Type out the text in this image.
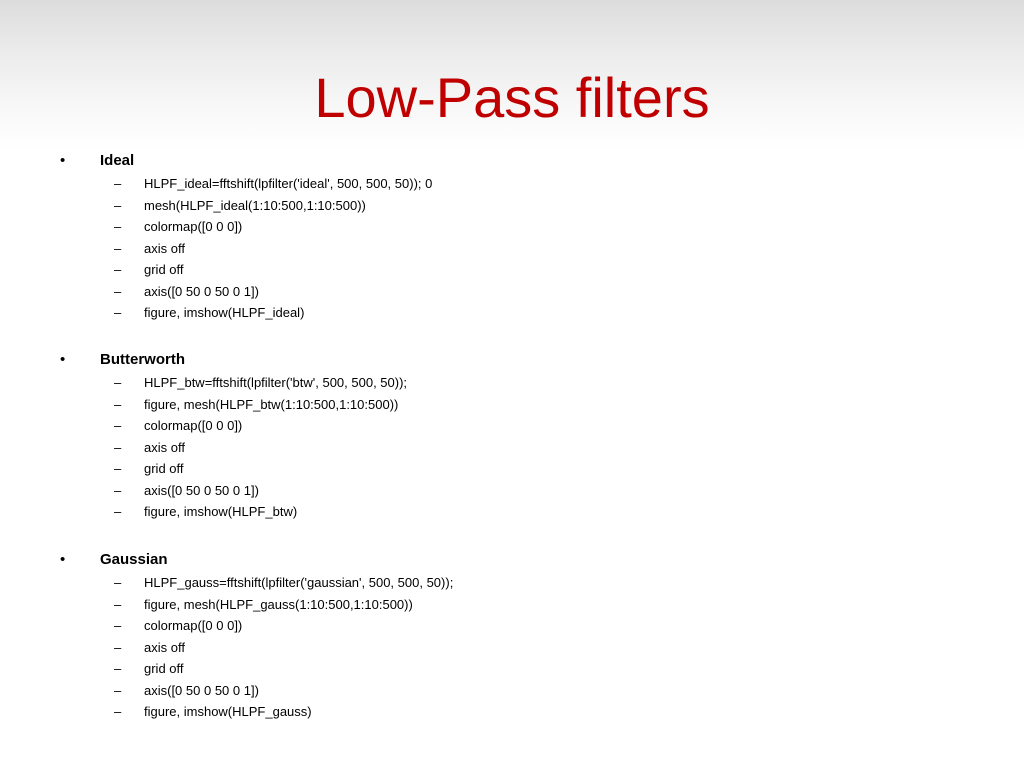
Low-Pass filters
• Ideal
– HLPF_ideal=fftshift(lpfilter('ideal', 500, 500, 50)); 0
– mesh(HLPF_ideal(1:10:500,1:10:500))
– colormap([0 0 0])
– axis off
– grid off
– axis([0 50 0 50 0 1])
– figure, imshow(HLPF_ideal)
• Butterworth
– HLPF_btw=fftshift(lpfilter('btw', 500, 500, 50));
– figure, mesh(HLPF_btw(1:10:500,1:10:500))
– colormap([0 0 0])
– axis off
– grid off
– axis([0 50 0 50 0 1])
– figure, imshow(HLPF_btw)
• Gaussian
– HLPF_gauss=fftshift(lpfilter('gaussian', 500, 500, 50));
– figure, mesh(HLPF_gauss(1:10:500,1:10:500))
– colormap([0 0 0])
– axis off
– grid off
– axis([0 50 0 50 0 1])
– figure, imshow(HLPF_gauss)
